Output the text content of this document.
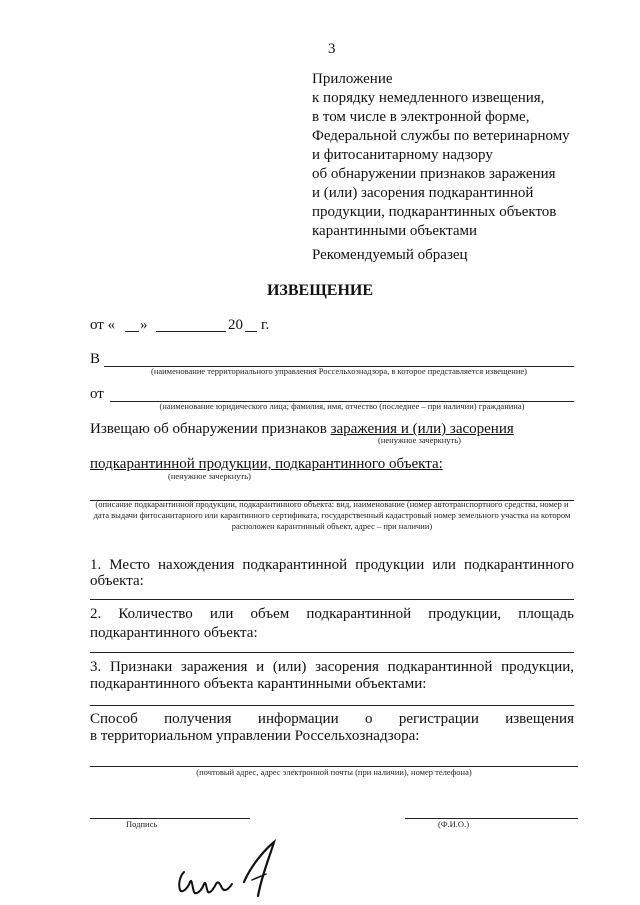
3
Приложение
к порядку немедленного извещения,
в том числе в электронной форме,
Федеральной службы по ветеринарному
и фитосанитарному надзору
об обнаружении признаков заражения
и (или) засорения подкарантинной
продукции, подкарантинных объектов
карантинными объектами
Рекомендуемый образец
ИЗВЕЩЕНИЕ
от « »	20 г.
В
(наименование территориального управления Россельхознадзора, в которое представляется извещение)
от
(наименование юридического лица; фамилия, имя, отчество (последнее – при наличии) гражданина)
Извещаю об обнаружении признаков заражения и (или) засорения
(ненужное зачеркнуть)
подкарантинной продукции, подкарантинного объекта:
(ненужное зачеркнуть)
(описание подкарантинной продукции, подкарантинного объекта: вид, наименование (номер автотранспортного средства, номер и дата выдачи фитосанитарного или карантинного сертификата, государственный кадастровый номер земельного участка на котором расположен карантинный объект, адрес – при наличии)
1. Место нахождения подкарантинной продукции или подкарантинного
объекта:
2. Количество или объем подкарантинной продукции, площадь
подкарантинного объекта:
3. Признаки заражения и (или) засорения подкарантинной продукции,
подкарантинного объекта карантинными объектами:
Способ получения информации о регистрации извещения
в территориальном управлении Россельхознадзора:
(почтовый адрес, адрес электронной почты (при наличии), номер телефона)
Подпись	(Ф.И.О.)
